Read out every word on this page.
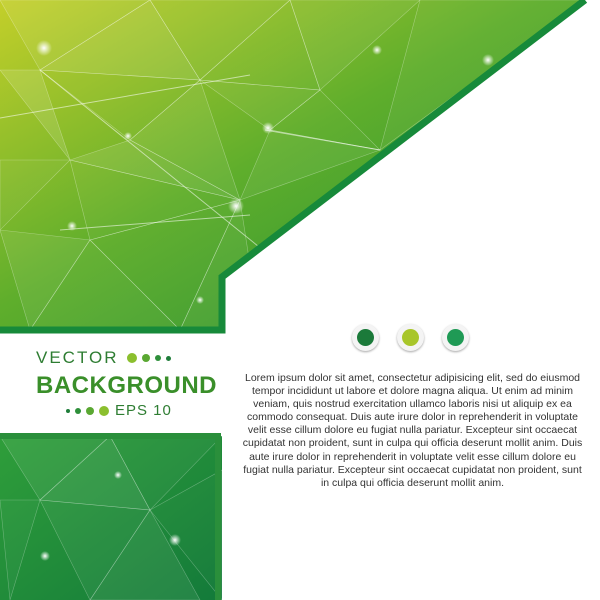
VECTOR
BACKGROUND
EPS 10
Lorem ipsum dolor sit amet, consectetur adipisicing elit, sed do eiusmod tempor incididunt ut labore et dolore magna aliqua. Ut enim ad minim veniam, quis nostrud exercitation ullamco laboris nisi ut aliquip ex ea commodo consequat. Duis aute irure dolor in reprehenderit in voluptate velit esse cillum dolore eu fugiat nulla pariatur. Excepteur sint occaecat cupidatat non proident, sunt in culpa qui officia deserunt mollit anim. Duis aute irure dolor in reprehenderit in voluptate velit esse cillum dolore eu fugiat nulla pariatur. Excepteur sint occaecat cupidatat non proident, sunt in culpa qui officia deserunt mollit anim.
